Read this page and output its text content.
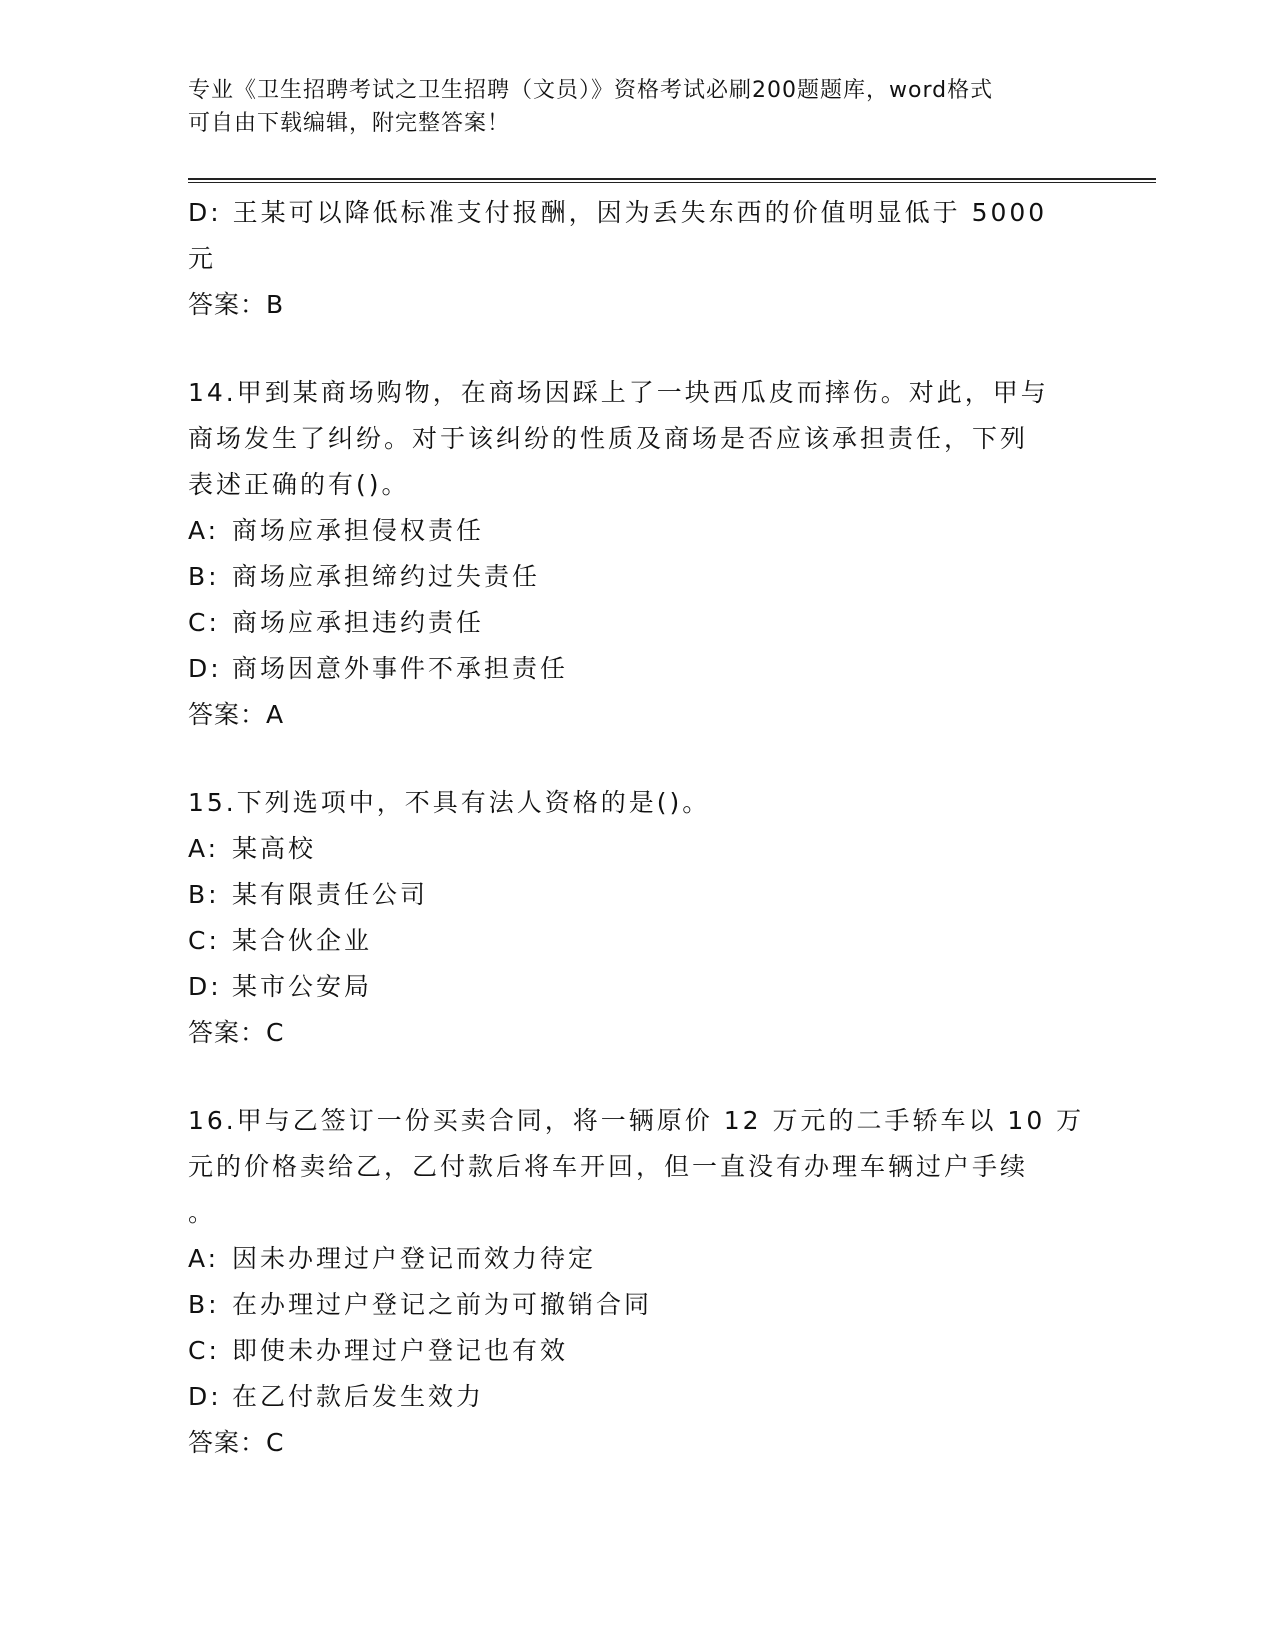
专业《卫生招聘考试之卫生招聘（文员）》资格考试必刷200题题库，word格式
可自由下载编辑，附完整答案！
D: 王某可以降低标准支付报酬，因为丢失东西的价值明显低于 5000
元
答案：B
14.甲到某商场购物，在商场因踩上了一块西瓜皮而摔伤。对此，甲与
商场发生了纠纷。对于该纠纷的性质及商场是否应该承担责任，下列
表述正确的有()。
A: 商场应承担侵权责任
B: 商场应承担缔约过失责任
C: 商场应承担违约责任
D: 商场因意外事件不承担责任
答案：A
15.下列选项中，不具有法人资格的是()。
A: 某高校
B: 某有限责任公司
C: 某合伙企业
D: 某市公安局
答案：C
16.甲与乙签订一份买卖合同，将一辆原价 12 万元的二手轿车以 10 万
元的价格卖给乙，乙付款后将车开回，但一直没有办理车辆过户手续
。
A: 因未办理过户登记而效力待定
B: 在办理过户登记之前为可撤销合同
C: 即使未办理过户登记也有效
D: 在乙付款后发生效力
答案：C
